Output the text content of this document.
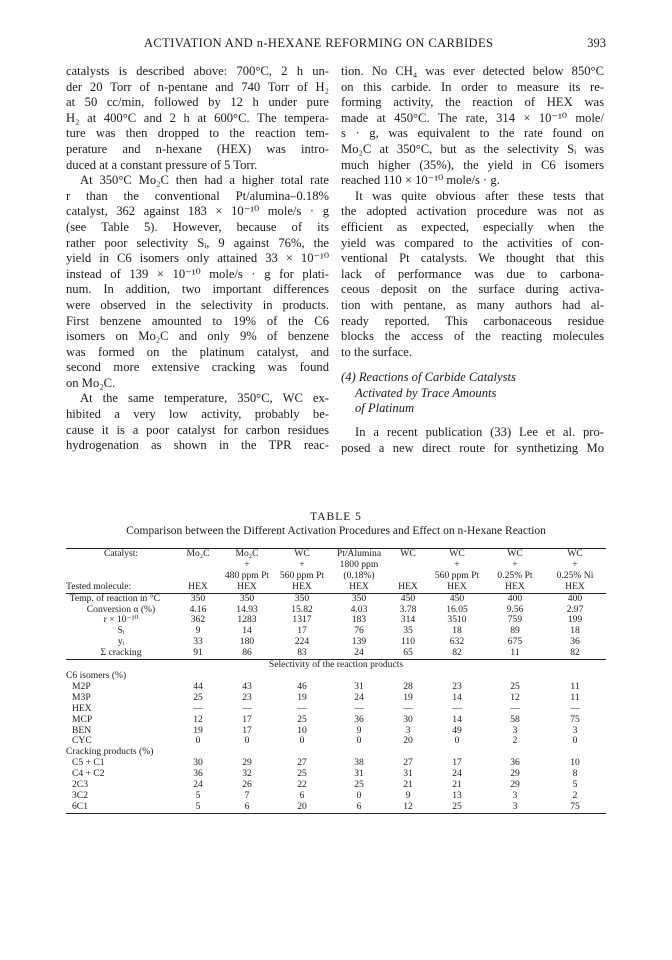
ACTIVATION AND n-HEXANE REFORMING ON CARBIDES	393

catalysts is described above: 700°C, 2 h un-
der 20 Torr of n-pentane and 740 Torr of H₂
at 50 cc/min, followed by 12 h under pure
H₂ at 400°C and 2 h at 600°C. The tempera-
ture was then dropped to the reaction tem-
perature and n-hexane (HEX) was intro-
duced at a constant pressure of 5 Torr.

At 350°C Mo₂C then had a higher total rate
r than the conventional Pt/alumina–0.18%
catalyst, 362 against 183 × 10⁻¹⁰ mole/s · g
(see Table 5). However, because of its
rather poor selectivity Sᵢ, 9 against 76%, the
yield in C6 isomers only attained 33 × 10⁻¹⁰
instead of 139 × 10⁻¹⁰ mole/s · g for plati-
num. In addition, two important differences
were observed in the selectivity in products.
First benzene amounted to 19% of the C6
isomers on Mo₂C and only 9% of benzene
was formed on the platinum catalyst, and
second more extensive cracking was found
on Mo₂C.

At the same temperature, 350°C, WC ex-
hibited a very low activity, probably be-
cause it is a poor catalyst for carbon residues
hydrogenation as shown in the TPR reac-

tion. No CH₄ was ever detected below 850°C
on this carbide. In order to measure its re-
forming activity, the reaction of HEX was
made at 450°C. The rate, 314 × 10⁻¹⁰ mole/
s · g, was equivalent to the rate found on
Mo₂C at 350°C, but as the selectivity Sᵢ was
much higher (35%), the yield in C6 isomers
reached 110 × 10⁻¹⁰ mole/s · g.

It was quite obvious after these tests that
the adopted activation procedure was not as
efficient as expected, especially when the
yield was compared to the activities of con-
ventional Pt catalysts. We thought that this
lack of performance was due to carbona-
ceous deposit on the surface during activa-
tion with pentane, as many authors had al-
ready reported. This carbonaceous residue
blocks the access of the reacting molecules
to the surface.

(4) Reactions of Carbide Catalysts
Activated by Trace Amounts
of Platinum

In a recent publication (33) Lee et al. pro-
posed a new direct route for synthetizing Mo

TABLE 5
Comparison between the Different Activation Procedures and Effect on n-Hexane Reaction
Catalyst:	Mo₂C	Mo₂C	WC	Pt/Alumina	WC	WC	WC	WC
		+	+	1800 ppm		+	+	+
		480 ppm Pt	560 ppm Pt	(0.18%)		560 ppm Pt	0.25% Pt	0.25% Ni
Tested molecule:	HEX	HEX	HEX	HEX	HEX	HEX	HEX	HEX
Temp. of reaction in °C	350	350	350	350	450	450	400	400
Conversion α (%)	4.16	14.93	15.82	4.03	3.78	16.05	9.56	2.97
r × 10⁻¹⁰	362	1283	1317	183	314	3510	759	199
Sᵢ	9	14	17	76	35	18	89	18
yᵢ	33	180	224	139	110	632	675	36
Σ cracking	91	86	83	24	65	82	11	82
Selectivity of the reaction products								
C6 isomers (%)								
M2P	44	43	46	31	28	23	25	11
M3P	25	23	19	24	19	14	12	11
HEX	—	—	—	—	—	—	—	—
MCP	12	17	25	36	30	14	58	75
BEN	19	17	10	9	3	49	3	3
CYC	0	0	0	0	20	0	2	0
Cracking products (%)								
C5 + C1	30	29	27	38	27	17	36	10
C4 + C2	36	32	25	31	31	24	29	8
2C3	24	26	22	25	21	21	29	5
3C2	5	7	6	0	9	13	3	2
6C1	5	6	20	6	12	25	3	75
